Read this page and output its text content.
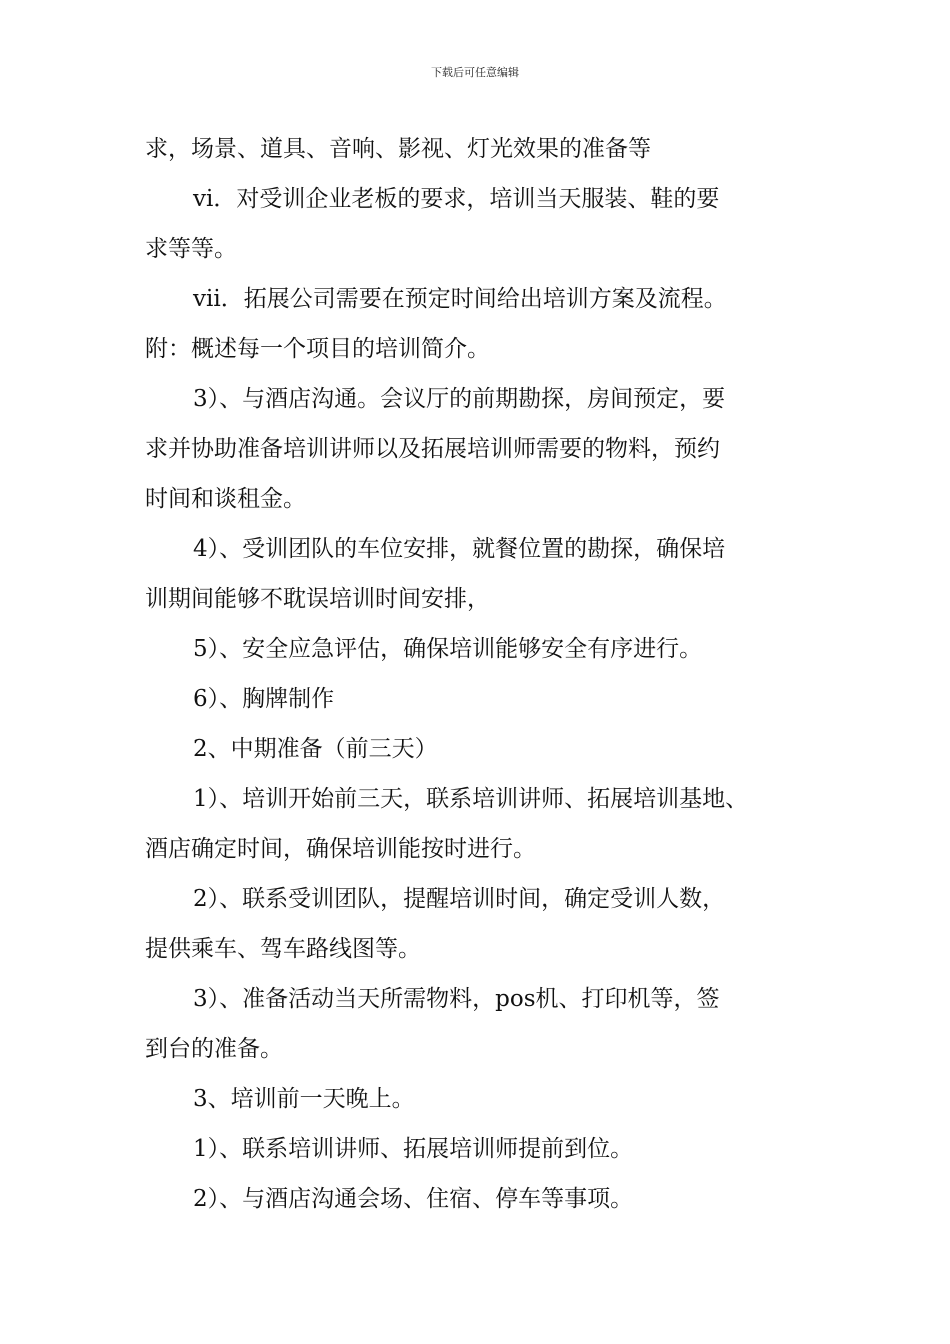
下载后可任意编辑
求，场景、道具、音响、影视、灯光效果的准备等
vi．对受训企业老板的要求，培训当天服装、鞋的要
求等等。
vii．拓展公司需要在预定时间给出培训方案及流程。
附：概述每一个项目的培训简介。
3）、与酒店沟通。会议厅的前期勘探，房间预定，要
求并协助准备培训讲师以及拓展培训师需要的物料，预约
时间和谈租金。
4）、受训团队的车位安排，就餐位置的勘探，确保培
训期间能够不耽误培训时间安排，
5）、安全应急评估，确保培训能够安全有序进行。
6）、胸牌制作
2、中期准备（前三天）
1）、培训开始前三天，联系培训讲师、拓展培训基地、
酒店确定时间，确保培训能按时进行。
2）、联系受训团队，提醒培训时间，确定受训人数，
提供乘车、驾车路线图等。
3）、准备活动当天所需物料，pos机、打印机等，签
到台的准备。
3、培训前一天晚上。
1）、联系培训讲师、拓展培训师提前到位。
2）、与酒店沟通会场、住宿、停车等事项。
